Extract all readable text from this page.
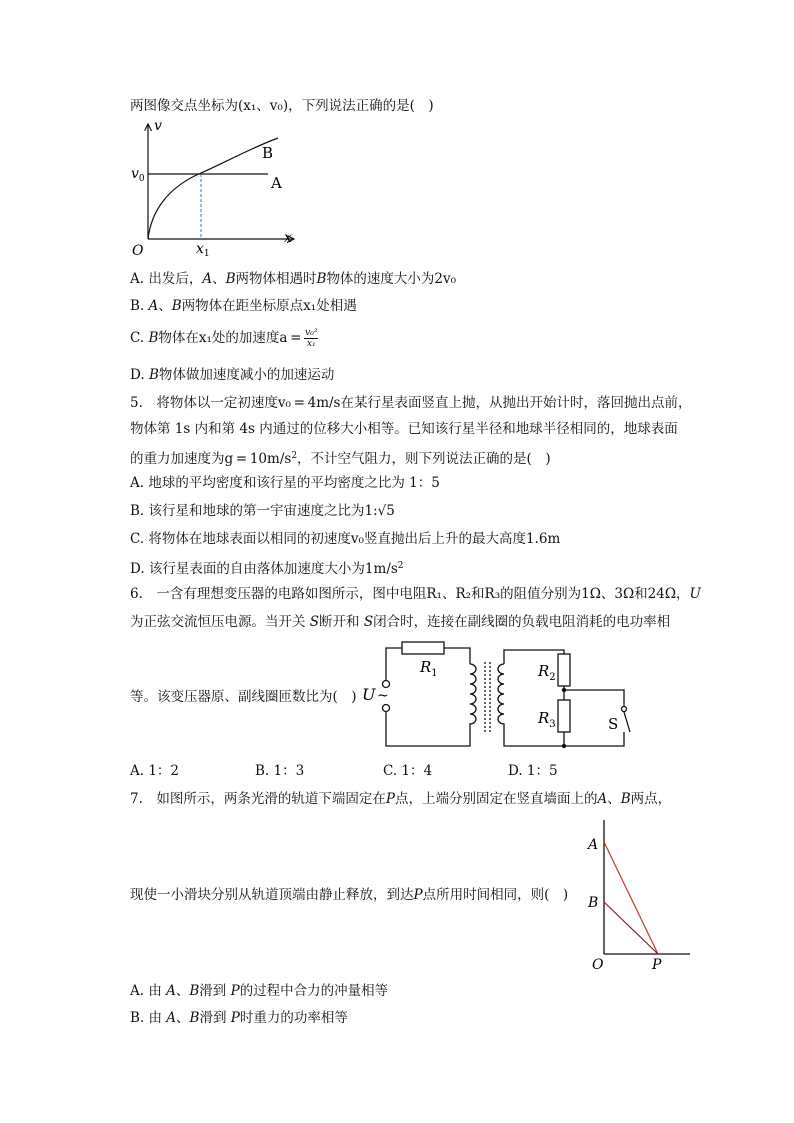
两图像交点坐标为(x₁、v₀)，下列说法正确的是(　)
v
x
O
$v_0$
$x_1$
B
A
A. 出发后，A、B两物体相遇时B物体的速度大小为2v₀
B. A、B两物体在距坐标原点x₁处相遇
C. B物体在x₁处的加速度$a = \frac{\text{v₀²}}{\text{x₁}}$
D. B物体做加速度减小的加速运动
5. 将物体以一定初速度v₀ = 4m/s在某行星表面竖直上抛，从抛出开始计时，落回抛出点前，
物体第 1s 内和第 4s 内通过的位移大小相等。已知该行星半径和地球半径相同的，地球表面
的重力加速度为$g = 10m/s^2$，不计空气阻力，则下列说法正确的是(　)
A. 地球的平均密度和该行星的平均密度之比为 1：5
B. 该行星和地球的第一宇宙速度之比为1:√5
C. 将物体在地球表面以相同的初速度v₀竖直抛出后上升的最大高度1.6m
D. 该行星表面的自由落体加速度大小为$1m/s^2$
6. 一含有理想变压器的电路如图所示，图中电阻R₁、R₂和R₃的阻值分别为1Ω、3Ω和24Ω，U
为正弦交流恒压电源。当开关 S断开和 S闭合时，连接在副线圈的负载电阻消耗的电功率相
等。该变压器原、副线圈匝数比为(　)
$R_1$	$R_2$
$R_3$
U ~
S
A. 1：2	B. 1：3	C. 1：4	D. 1：5
7. 如图所示，两条光滑的轨道下端固定在P点，上端分别固定在竖直墙面上的A、B两点，
现使一小滑块分别从轨道顶端由静止释放，到达P点所用时间相同，则(　)
A
B
O	P
A. 由 A、B滑到 P的过程中合力的冲量相等
B. 由 A、B滑到 P时重力的功率相等
